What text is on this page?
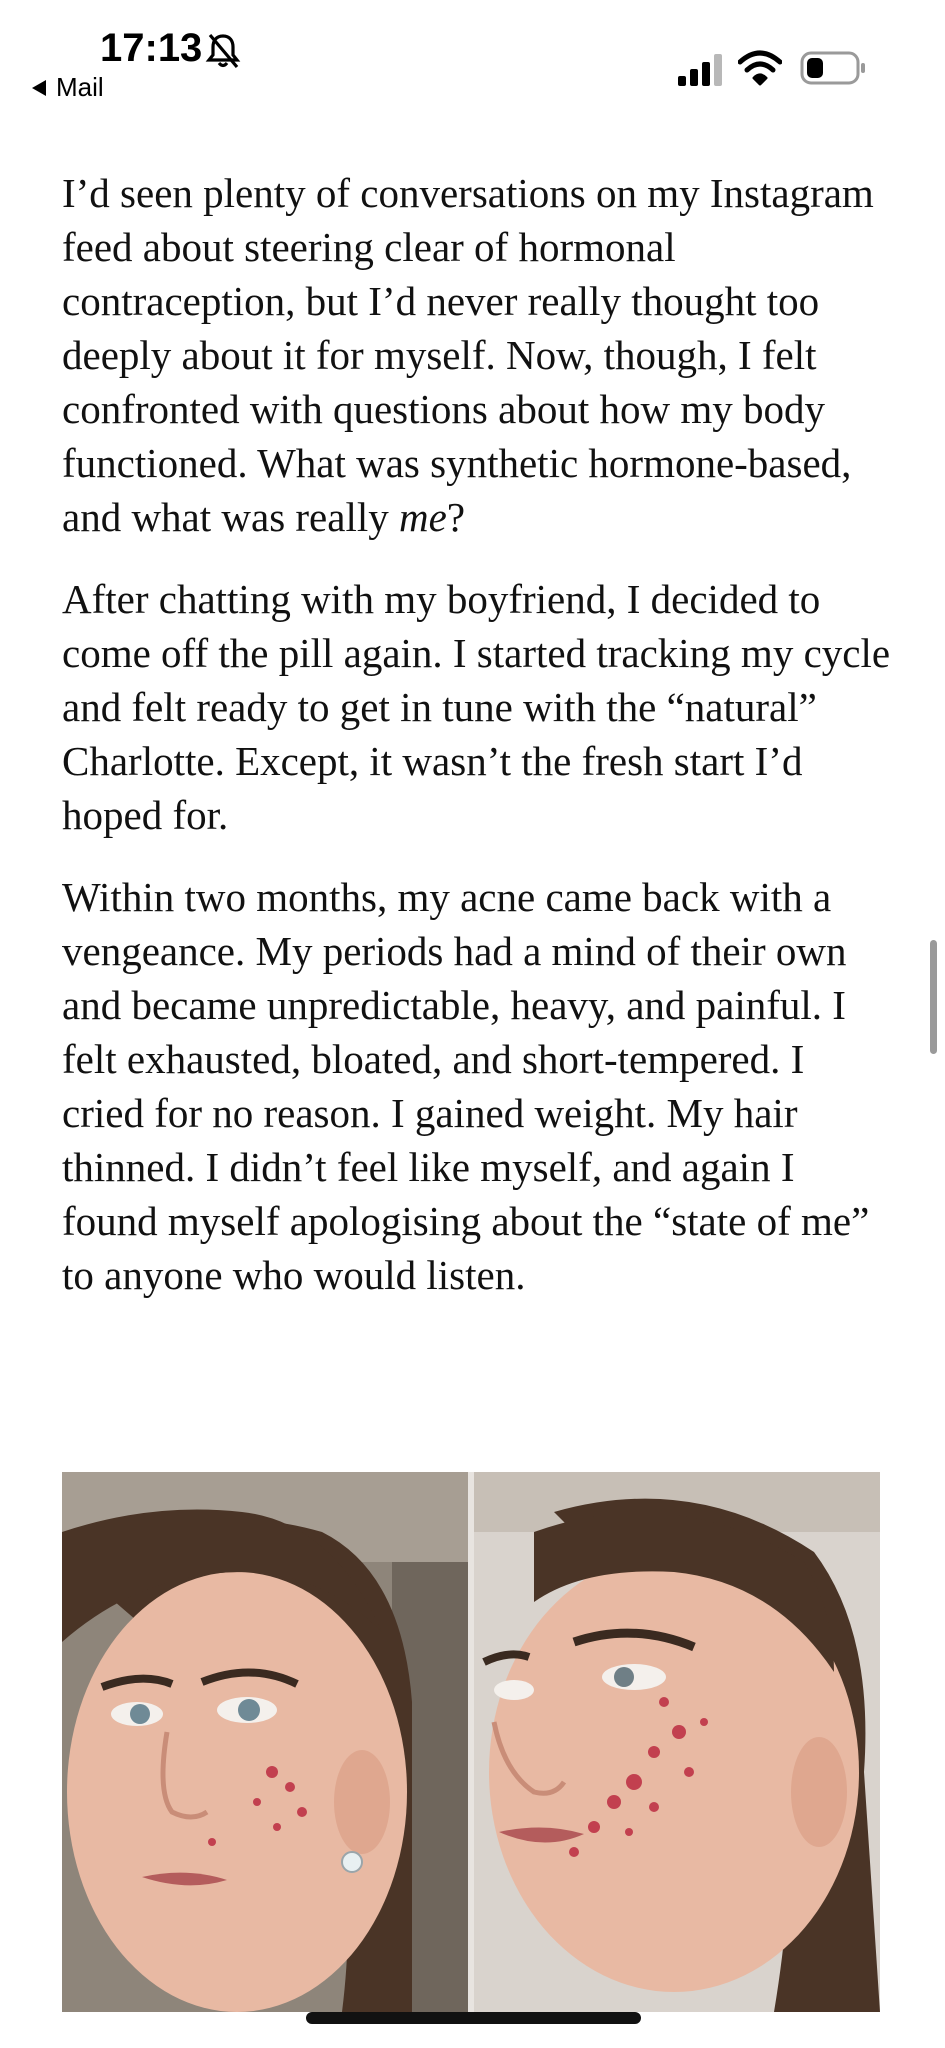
17:13
Mail

I’d seen plenty of conversations on my Instagram feed about steering clear of hormonal contraception, but I’d never really thought too deeply about it for myself. Now, though, I felt confronted with questions about how my body functioned. What was synthetic hormone-based, and what was really me?

After chatting with my boyfriend, I decided to come off the pill again. I started tracking my cycle and felt ready to get in tune with the “natural” Charlotte. Except, it wasn’t the fresh start I’d hoped for.

Within two months, my acne came back with a vengeance. My periods had a mind of their own and became unpredictable, heavy, and painful. I felt exhausted, bloated, and short-tempered. I cried for no reason. I gained weight. My hair thinned. I didn’t feel like myself, and again I found myself apologising about the “state of me” to anyone who would listen.
